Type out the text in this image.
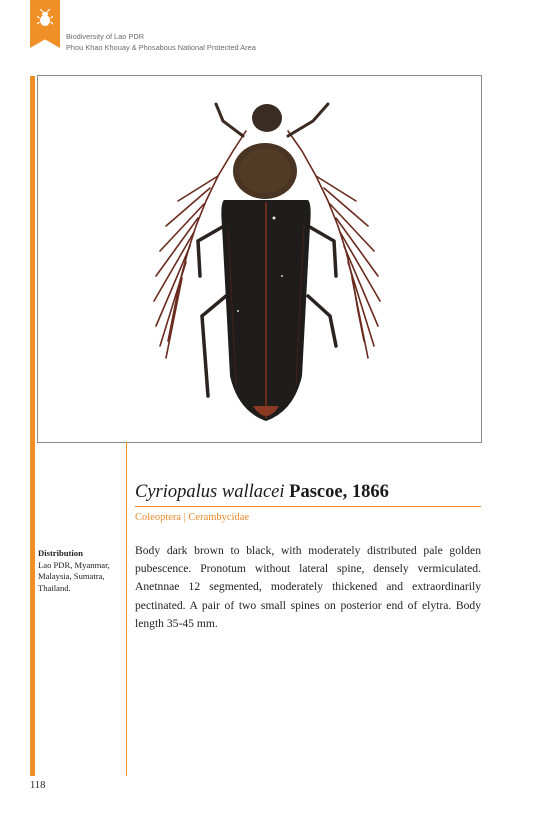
Biodiversity of Lao PDR
Phou Khao Khouay & Phosabous National Protected Area
Cyriopalus wallacei Pascoe, 1866
Coleoptera | Cerambycidae
Distribution
Lao PDR, Myanmar, Malaysia, Sumatra, Thailand.
Body dark brown to black, with moderately distributed pale golden pubescence. Pronotum without lateral spine, densely vermiculated. Anetnnae 12 segmented, moderately thickened and extraordinarily pectinated. A pair of two small spines on posterior end of elytra. Body length 35-45 mm.
118
